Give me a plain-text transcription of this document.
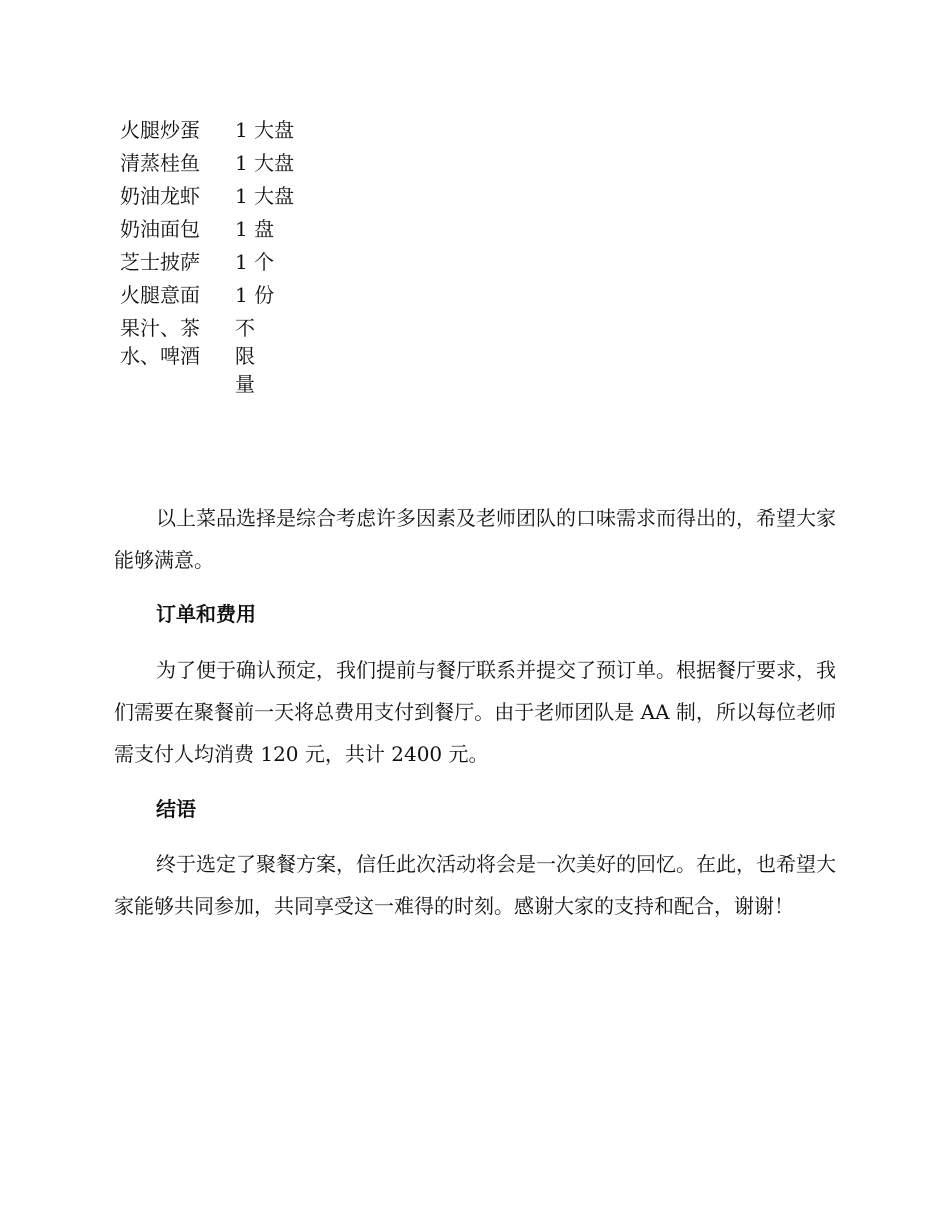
火腿炒蛋	1 大盘

清蒸桂鱼	1 大盘

奶油龙虾	1 大盘

奶油面包	1 盘

芝士披萨	1 个

火腿意面	1 份

果汁、茶水、啤酒	不限量

以上菜品选择是综合考虑许多因素及老师团队的口味需求而得出的，希望大家能够满意。

订单和费用

为了便于确认预定，我们提前与餐厅联系并提交了预订单。根据餐厅要求，我们需要在聚餐前一天将总费用支付到餐厅。由于老师团队是 AA 制，所以每位老师需支付人均消费 120 元，共计 2400 元。

结语

终于选定了聚餐方案，信任此次活动将会是一次美好的回忆。在此，也希望大家能够共同参加，共同享受这一难得的时刻。感谢大家的支持和配合，谢谢！
